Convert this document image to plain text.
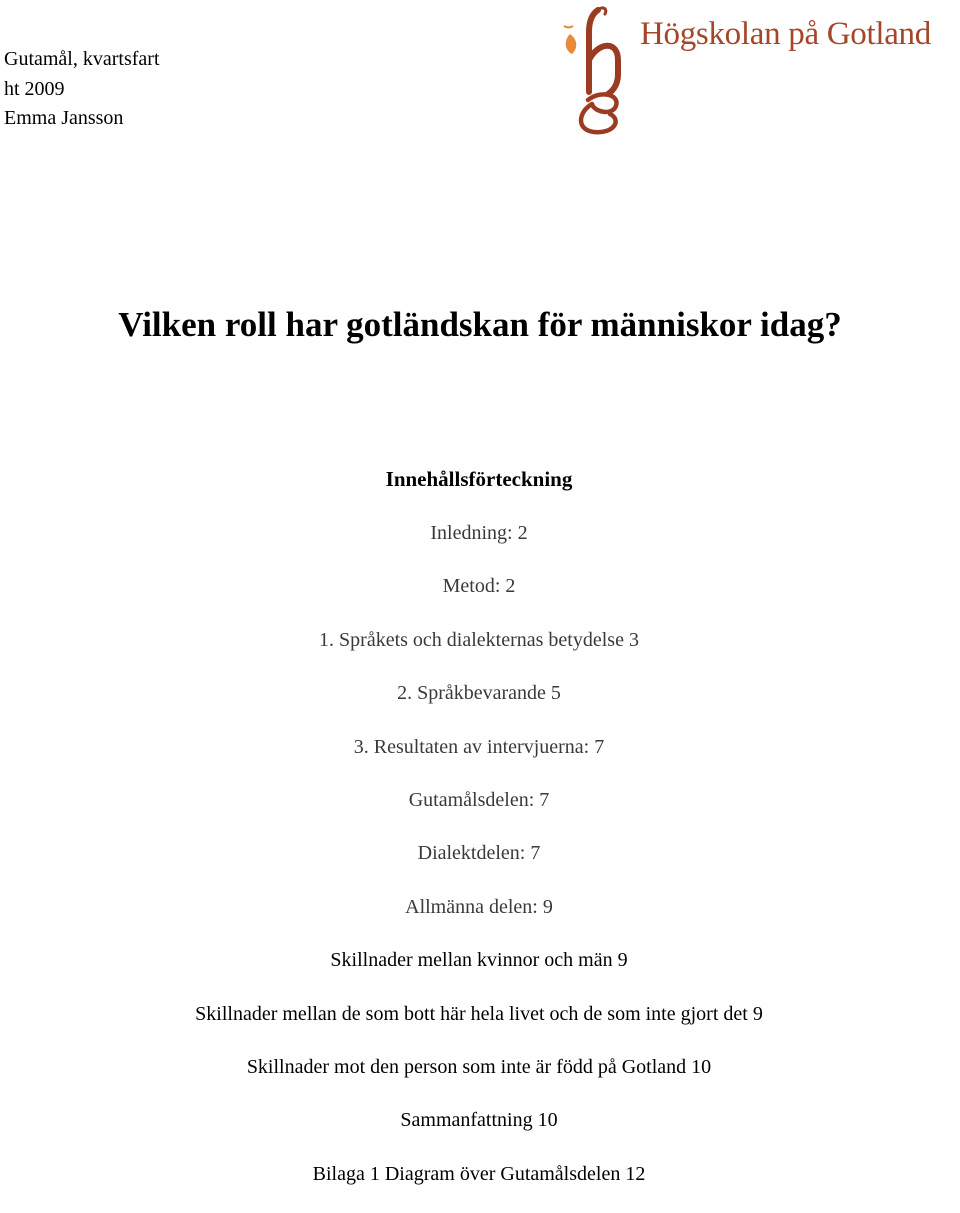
Gutamål, kvartsfart
ht 2009
Emma Jansson
Högskolan på Gotland
Vilken roll har gotländskan för människor idag?
Innehållsförteckning
Inledning: 2
Metod: 2
1. Språkets och dialekternas betydelse 3
2. Språkbevarande 5
3. Resultaten av intervjuerna: 7
Gutamålsdelen: 7
Dialektdelen: 7
Allmänna delen: 9
Skillnader mellan kvinnor och män 9
Skillnader mellan de som bott här hela livet och de som inte gjort det 9
Skillnader mot den person som inte är född på Gotland 10
Sammanfattning 10
Bilaga 1 Diagram över Gutamålsdelen 12
